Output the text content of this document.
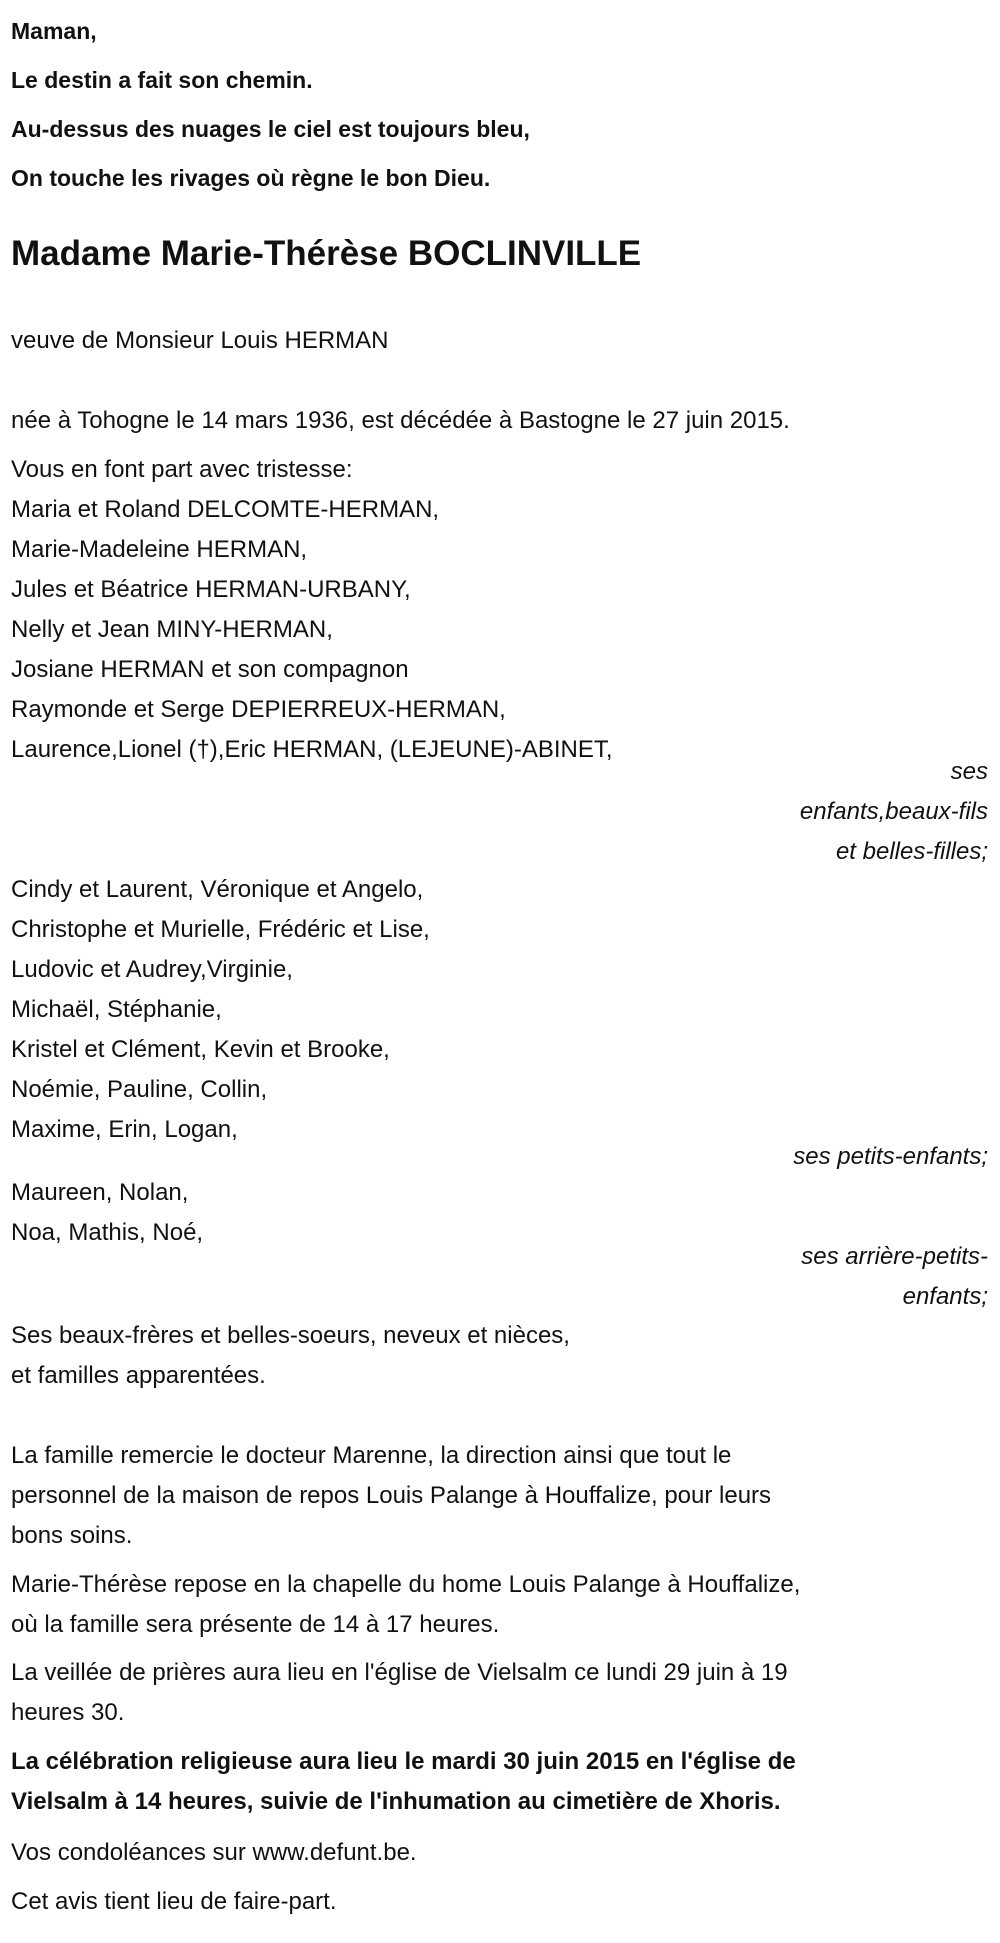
Maman,
Le destin a fait son chemin.
Au-dessus des nuages le ciel est toujours bleu,
On touche les rivages où règne le bon Dieu.
Madame Marie-Thérèse BOCLINVILLE
veuve de Monsieur Louis HERMAN
née à Tohogne le 14 mars 1936, est décédée à Bastogne le 27 juin 2015.
Vous en font part avec tristesse:
Maria et Roland DELCOMTE-HERMAN,
Marie-Madeleine HERMAN,
Jules et Béatrice HERMAN-URBANY,
Nelly et Jean MINY-HERMAN,
Josiane HERMAN et son compagnon
Raymonde et Serge DEPIERREUX-HERMAN,
Laurence,Lionel (†),Eric HERMAN, (LEJEUNE)-ABINET,
ses
enfants,beaux-fils
et belles-filles;
Cindy et Laurent, Véronique et Angelo,
Christophe et Murielle, Frédéric et Lise,
Ludovic et Audrey,Virginie,
Michaël, Stéphanie,
Kristel et Clément, Kevin et Brooke,
Noémie, Pauline, Collin,
Maxime, Erin, Logan,
ses petits-enfants;
Maureen, Nolan,
Noa, Mathis, Noé,
ses arrière-petits-
enfants;
Ses beaux-frères et belles-soeurs, neveux et nièces,
et familles apparentées.
La famille remercie le docteur Marenne, la direction ainsi que tout le
personnel de la maison de repos Louis Palange à Houffalize, pour leurs
bons soins.
Marie-Thérèse repose en la chapelle du home Louis Palange à Houffalize,
où la famille sera présente de 14 à 17 heures.
La veillée de prières aura lieu en l'église de Vielsalm ce lundi 29 juin à 19
heures 30.
La célébration religieuse aura lieu le mardi 30 juin 2015 en l'église de
Vielsalm à 14 heures, suivie de l'inhumation au cimetière de Xhoris.
Vos condoléances sur www.defunt.be.
Cet avis tient lieu de faire-part.
